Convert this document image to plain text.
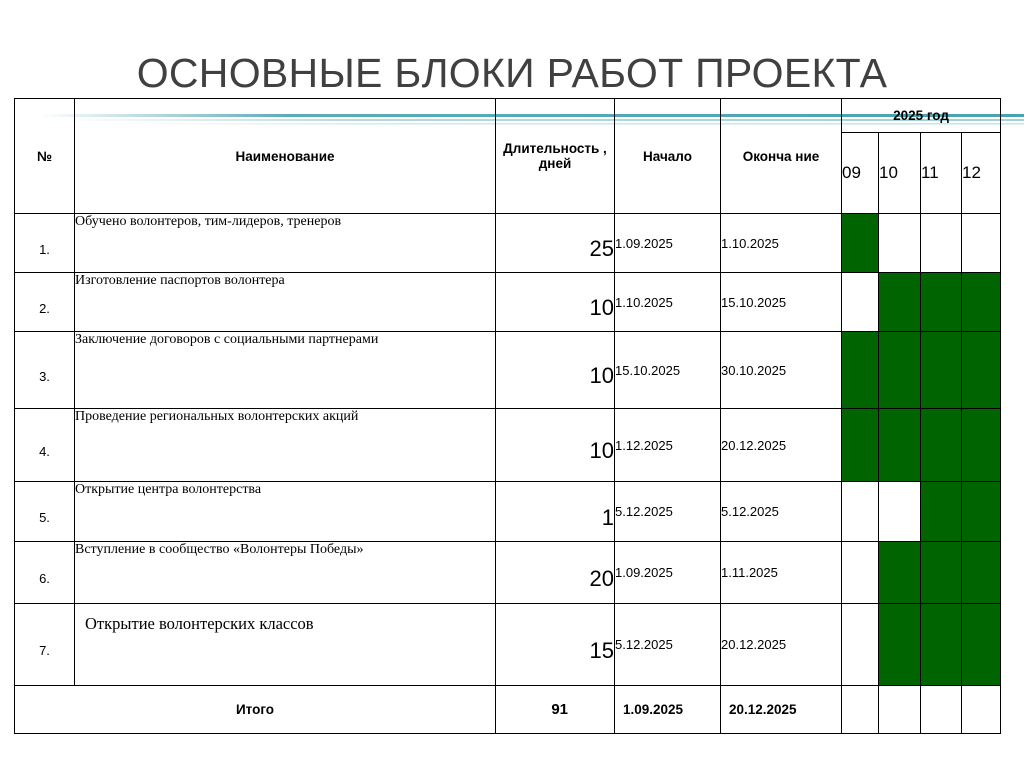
ОСНОВНЫЕ БЛОКИ РАБОТ ПРОЕКТА
№	Наименование	Длительность , дней	Начало	Оконча ние	2025 год			
					09	10	11	12
1.	Обучено волонтеров, тим-лидеров, тренеров	25	1.09.2025	1.10.2025				
2.	Изготовление паспортов волонтера	10	1.10.2025	15.10.2025				
3.	Заключение договоров с социальными партнерами	10	15.10.2025	30.10.2025				
4.	Проведение региональных волонтерских акций	10	1.12.2025	20.12.2025				
5.	Открытие центра волонтерства	1	5.12.2025	5.12.2025				
6.	Вступление в сообщество «Волонтеры Победы»	20	1.09.2025	1.11.2025				
7.	Открытие волонтерских классов	15	5.12.2025	20.12.2025				
Итого		91	1.09.2025	20.12.2025				
